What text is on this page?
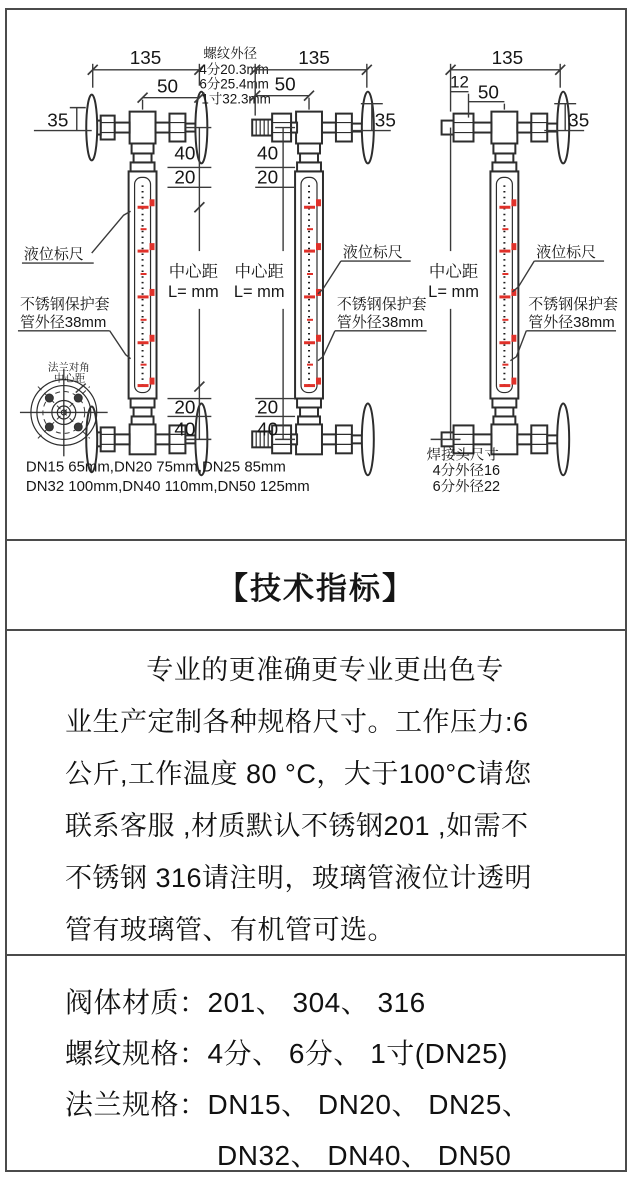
135
50
35
40
20
20
40
中心距
L= mm
液位标尺
不锈钢保护套
管外径38mm
法兰对角
中心距
DN15 65mm,DN20 75mm,DN25 85mm
DN32 100mm,DN40 110mm,DN50 125mm
螺纹外径
4分20.3mm
6分25.4mm
1寸32.3mm
135
50
35
40
20
20
40
中心距
L= mm
液位标尺
不锈钢保护套
管外径38mm
135
12
50
35
中心距
L= mm
液位标尺
不锈钢保护套
管外径38mm
焊接头尺寸
4分外径16
6分外径22
【技术指标】
专业的更准确更专业更出色专
业生产定制各种规格尺寸。工作压力:6
公斤,工作温度 80 °C，大于100°C请您
联系客服 ,材质默认不锈钢201 ,如需不
不锈钢 316请注明，玻璃管液位计透明
管有玻璃管、有机管可选。
阀体材质：201、 304、 316
螺纹规格：4分、 6分、 1寸(DN25)
法兰规格：DN15、 DN20、 DN25、
DN32、 DN40、 DN50
